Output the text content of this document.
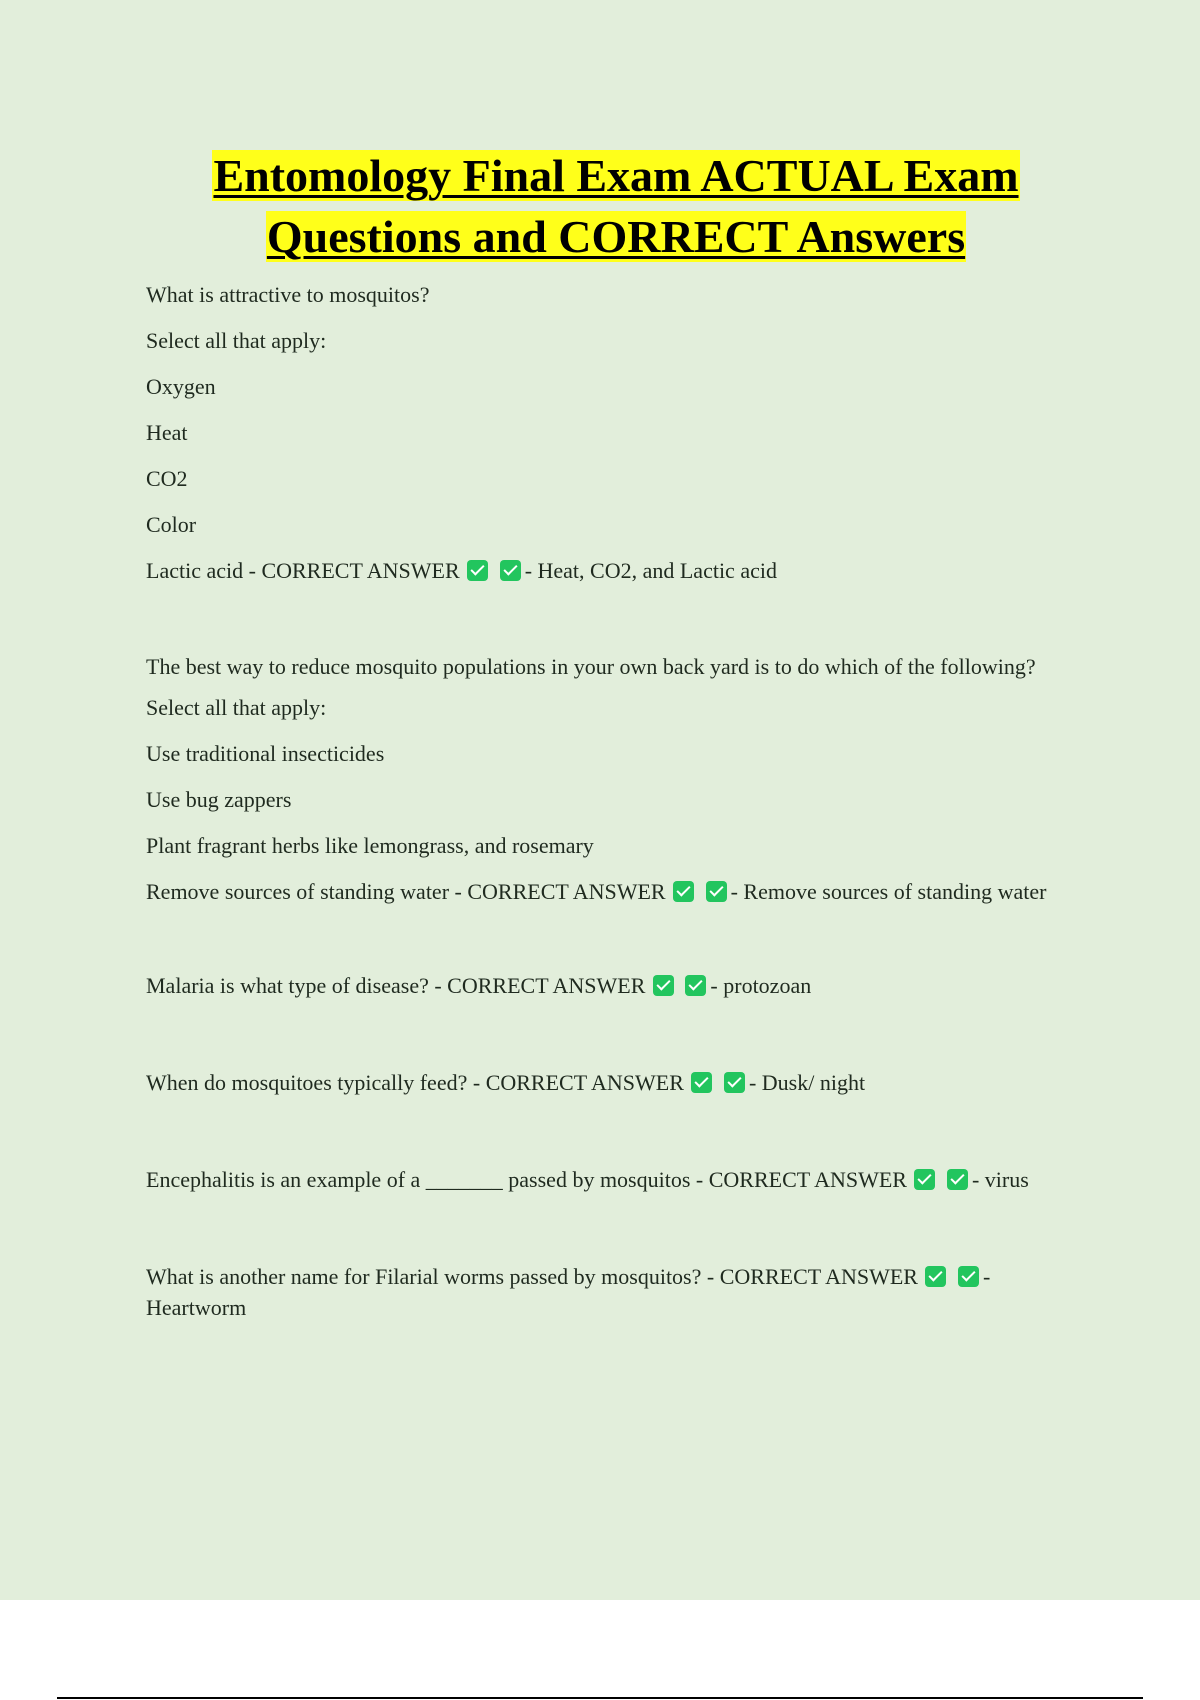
Entomology Final Exam ACTUAL Exam
Questions and CORRECT Answers

What is attractive to mosquitos?

Select all that apply:

Oxygen

Heat

CO2

Color

Lactic acid - CORRECT ANSWER	- Heat, CO2, and Lactic acid

The best way to reduce mosquito populations in your own back yard is to do which of the following?

Select all that apply:

Use traditional insecticides

Use bug zappers

Plant fragrant herbs like lemongrass, and rosemary

Remove sources of standing water - CORRECT ANSWER	- Remove sources of standing water

Malaria is what type of disease? - CORRECT ANSWER	- protozoan

When do mosquitoes typically feed? - CORRECT ANSWER	- Dusk/ night

Encephalitis is an example of a _______ passed by mosquitos - CORRECT ANSWER	- virus

What is another name for Filarial worms passed by mosquitos? - CORRECT ANSWER	- Heartworm
